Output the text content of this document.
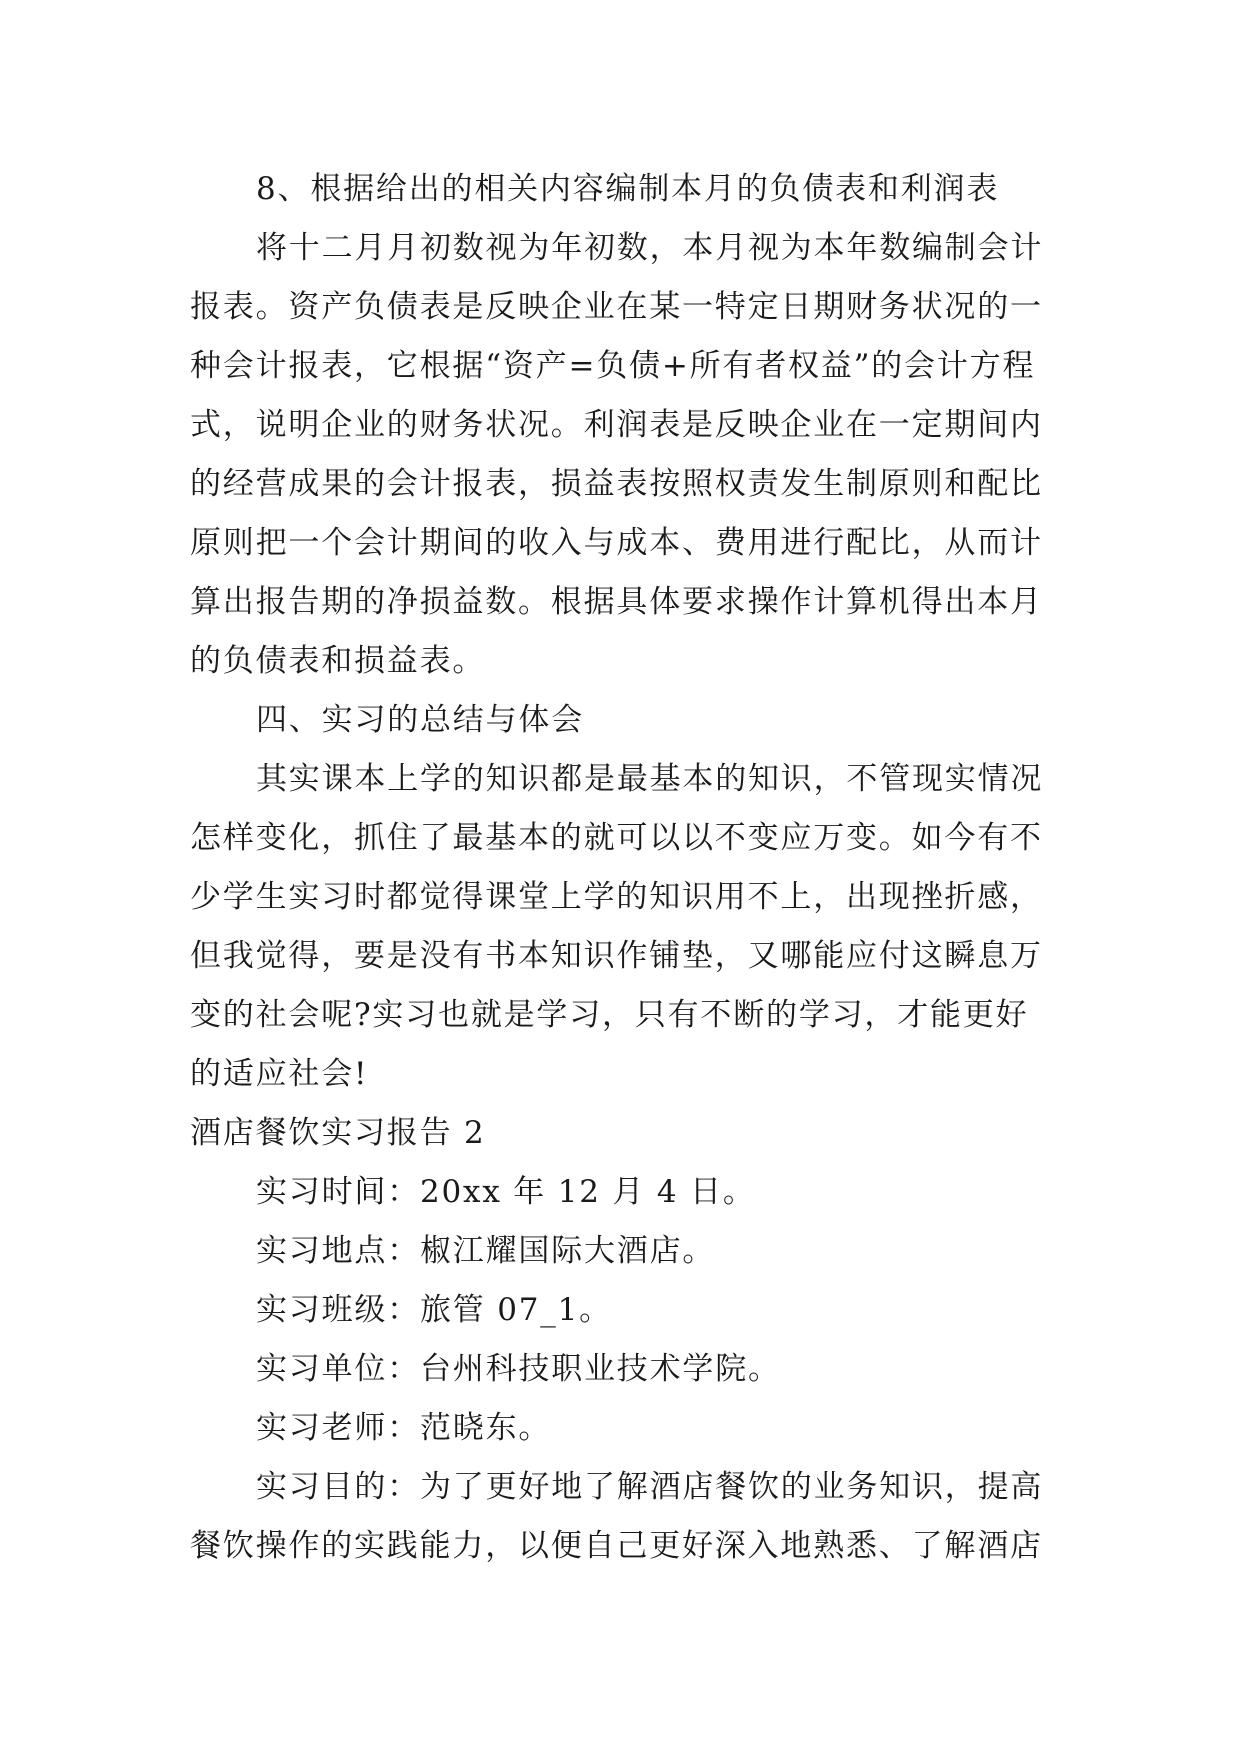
8、根据给出的相关内容编制本月的负债表和利润表
将十二月月初数视为年初数，本月视为本年数编制会计
报表。资产负债表是反映企业在某一特定日期财务状况的一
种会计报表，它根据“资产=负债+所有者权益”的会计方程
式，说明企业的财务状况。利润表是反映企业在一定期间内
的经营成果的会计报表，损益表按照权责发生制原则和配比
原则把一个会计期间的收入与成本、费用进行配比，从而计
算出报告期的净损益数。根据具体要求操作计算机得出本月
的负债表和损益表。
四、实习的总结与体会
其实课本上学的知识都是最基本的知识，不管现实情况
怎样变化，抓住了最基本的就可以以不变应万变。如今有不
少学生实习时都觉得课堂上学的知识用不上，出现挫折感，
但我觉得，要是没有书本知识作铺垫，又哪能应付这瞬息万
变的社会呢?实习也就是学习，只有不断的学习，才能更好
的适应社会!
酒店餐饮实习报告 2
实习时间：20xx 年 12 月 4 日。
实习地点：椒江耀国际大酒店。
实习班级：旅管 07_1。
实习单位：台州科技职业技术学院。
实习老师：范晓东。
实习目的：为了更好地了解酒店餐饮的业务知识，提高
餐饮操作的实践能力，以便自己更好深入地熟悉、了解酒店
